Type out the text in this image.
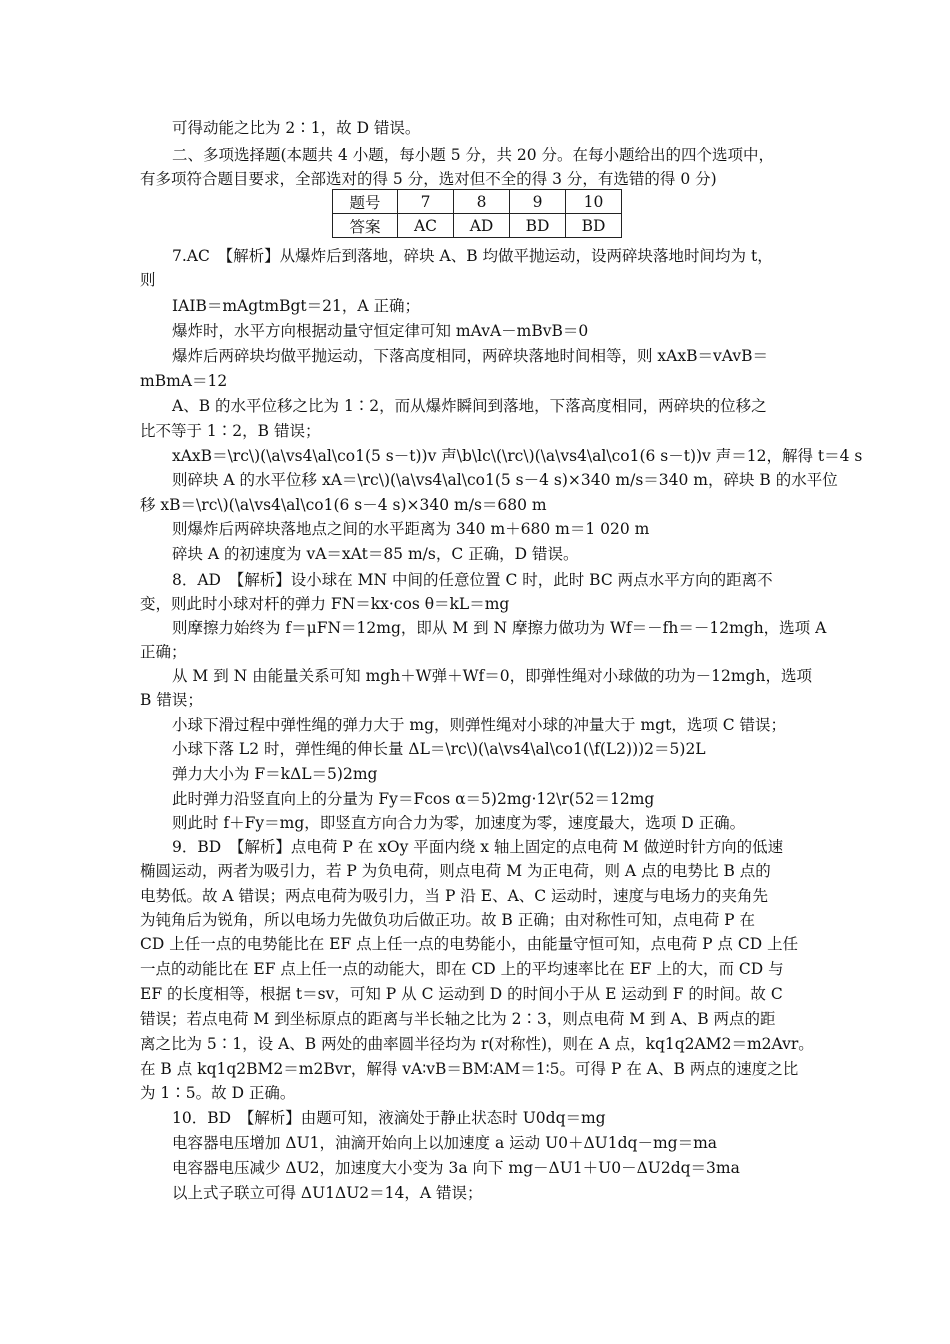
可得动能之比为 2∶1，故 D 错误。
二、多项选择题(本题共 4 小题，每小题 5 分，共 20 分。在每小题给出的四个选项中，
有多项符合题目要求，全部选对的得 5 分，选对但不全的得 3 分，有选错的得 0 分)
题号	7	8	9	10
答案	AC	AD	BD	BD
7.AC　【解析】从爆炸后到落地，碎块 A、B 均做平抛运动，设两碎块落地时间均为 t，
则
IAIB＝mAgtmBgt＝21，A 正确；
爆炸时，水平方向根据动量守恒定律可知 mAvA－mBvB＝0
爆炸后两碎块均做平抛运动，下落高度相同，两碎块落地时间相等，则 xAxB＝vAvB＝
mBmA＝12
A、B 的水平位移之比为 1∶2，而从爆炸瞬间到落地，下落高度相同，两碎块的位移之
比不等于 1∶2，B 错误；
xAxB＝\rc\)(\a\vs4\al\co1(5 s－t))v 声\b\lc\(\rc\)(\a\vs4\al\co1(6 s－t))v 声＝12，解得 t＝4 s
则碎块 A 的水平位移 xA＝\rc\)(\a\vs4\al\co1(5 s－4 s)×340 m/s＝340 m，碎块 B 的水平位
移 xB＝\rc\)(\a\vs4\al\co1(6 s－4 s)×340 m/s＝680 m
则爆炸后两碎块落地点之间的水平距离为 340 m＋680 m＝1 020 m
碎块 A 的初速度为 vA＝xAt＝85 m/s，C 正确，D 错误。
8．AD　【解析】设小球在 MN 中间的任意位置 C 时，此时 BC 两点水平方向的距离不
变，则此时小球对杆的弹力 FN＝kx·cos θ＝kL＝mg
则摩擦力始终为 f＝μFN＝12mg，即从 M 到 N 摩擦力做功为 Wf＝－fh＝－12mgh，选项 A
正确；
从 M 到 N 由能量关系可知 mgh＋W弹＋Wf＝0，即弹性绳对小球做的功为－12mgh，选项
B 错误；
小球下滑过程中弹性绳的弹力大于 mg，则弹性绳对小球的冲量大于 mgt，选项 C 错误；
小球下落 L2 时，弹性绳的伸长量 ΔL＝\rc\)(\a\vs4\al\co1(\f(L2)))2＝5)2L
弹力大小为 F＝kΔL＝5)2mg
此时弹力沿竖直向上的分量为 Fy＝Fcos α＝5)2mg·12\r(52＝12mg
则此时 f＋Fy＝mg，即竖直方向合力为零，加速度为零，速度最大，选项 D 正确。
9．BD　【解析】点电荷 P 在 xOy 平面内绕 x 轴上固定的点电荷 M 做逆时针方向的低速
椭圆运动，两者为吸引力，若 P 为负电荷，则点电荷 M 为正电荷，则 A 点的电势比 B 点的
电势低。故 A 错误；两点电荷为吸引力，当 P 沿 E、A、C 运动时，速度与电场力的夹角先
为钝角后为锐角，所以电场力先做负功后做正功。故 B 正确；由对称性可知，点电荷 P 在
CD 上任一点的电势能比在 EF 点上任一点的电势能小，由能量守恒可知，点电荷 P 点 CD 上任
一点的动能比在 EF 点上任一点的动能大，即在 CD 上的平均速率比在 EF 上的大，而 CD 与
EF 的长度相等，根据 t＝sv，可知 P 从 C 运动到 D 的时间小于从 E 运动到 F 的时间。故 C
错误；若点电荷 M 到坐标原点的距离与半长轴之比为 2∶3，则点电荷 M 到 A、B 两点的距
离之比为 5∶1，设 A、B 两处的曲率圆半径均为 r(对称性)，则在 A 点，kq1q2AM2＝m2Avr。
在 B 点 kq1q2BM2＝m2Bvr，解得 vA∶vB＝BM∶AM＝1∶5。可得 P 在 A、B 两点的速度之比
为 1∶5。故 D 正确。
10．BD　【解析】由题可知，液滴处于静止状态时 U0dq＝mg
电容器电压增加 ΔU1，油滴开始向上以加速度 a 运动 U0＋ΔU1dq－mg＝ma
电容器电压减少 ΔU2，加速度大小变为 3a 向下 mg－ΔU1＋U0－ΔU2dq＝3ma
以上式子联立可得 ΔU1ΔU2＝14，A 错误；
